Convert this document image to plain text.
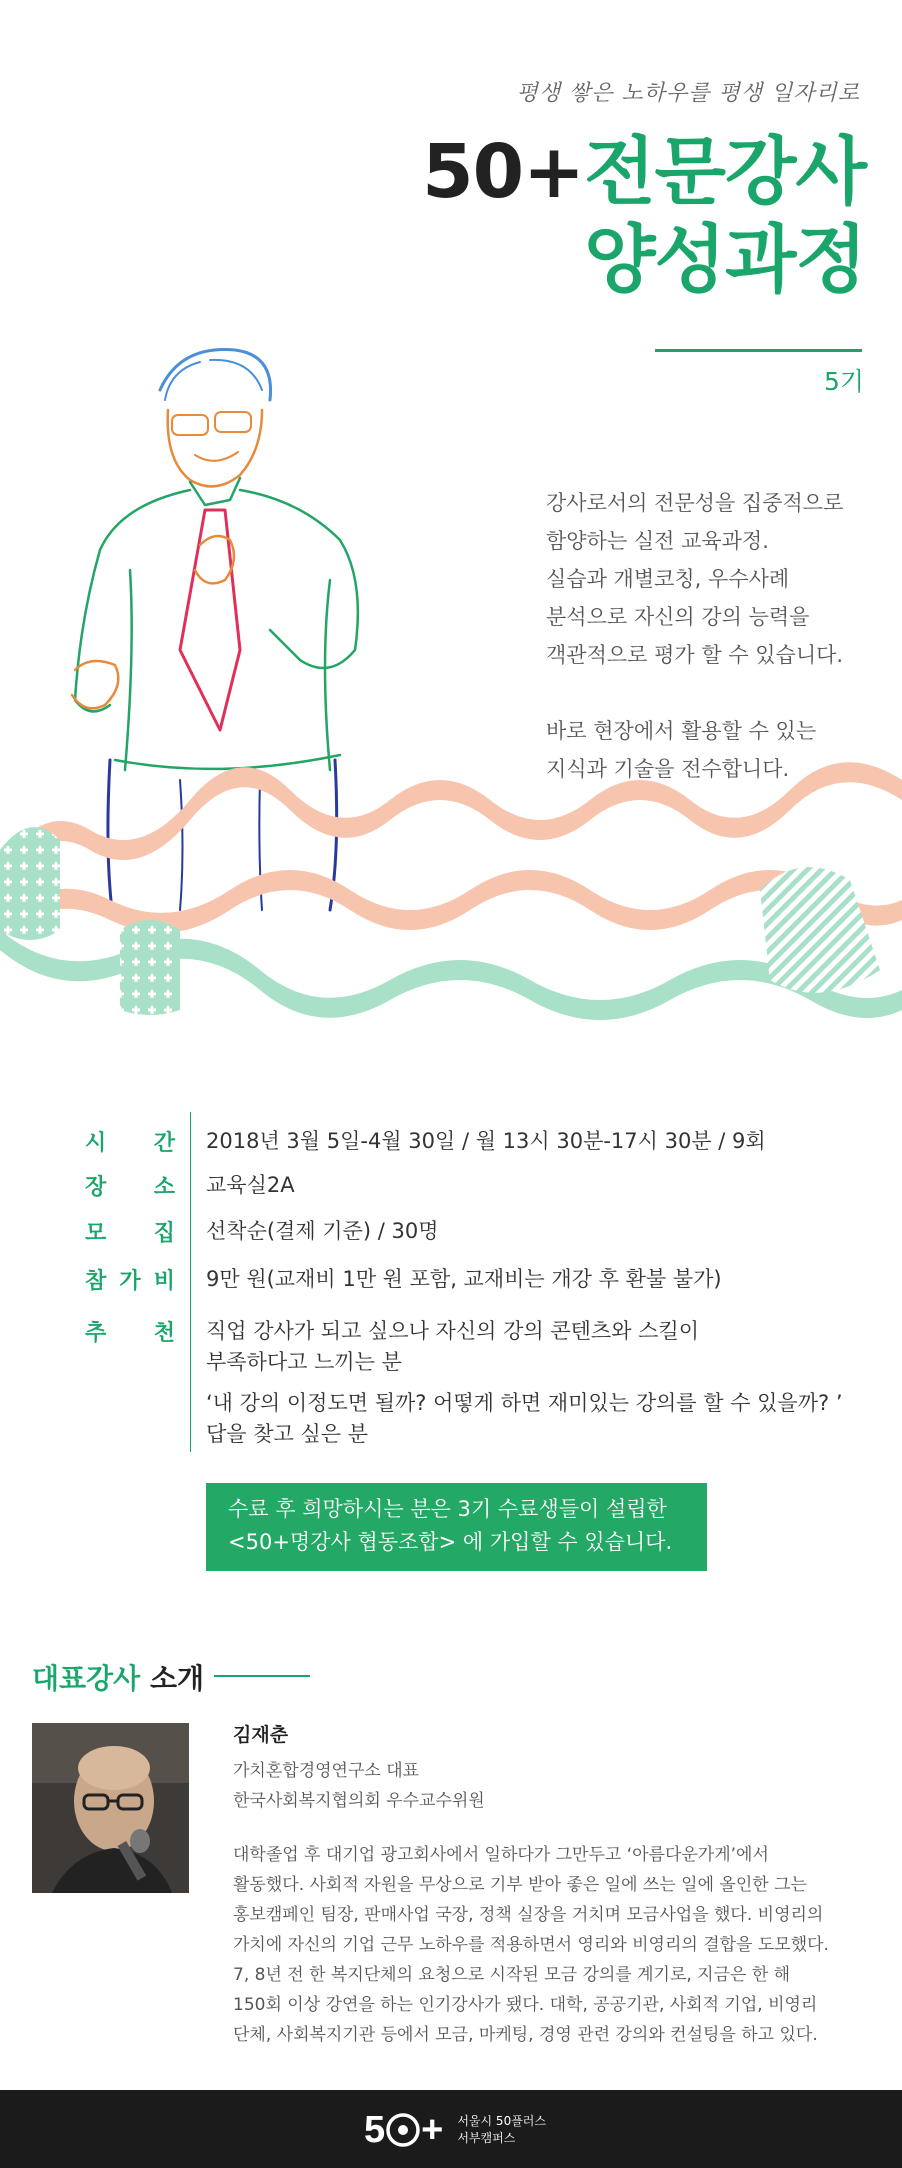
평생 쌓은 노하우를 평생 일자리로
50+전문강사
양성과정
5기

강사로서의 전문성을 집중적으로
함양하는 실전 교육과정.
실습과 개별코칭, 우수사례
분석으로 자신의 강의 능력을
객관적으로 평가 할 수 있습니다.

바로 현장에서 활용할 수 있는
지식과 기술을 전수합니다.

시 간 2018년 3월 5일-4월 30일 / 월 13시 30분-17시 30분 / 9회
장 소 교육실2A
모 집 선착순(결제 기준) / 30명
참 가 비 9만 원(교재비 1만 원 포함, 교재비는 개강 후 환불 불가)
추 천 직업 강사가 되고 싶으나 자신의 강의 콘텐츠와 스킬이
부족하다고 느끼는 분
‘내 강의 이정도면 될까? 어떻게 하면 재미있는 강의를 할 수 있을까? ’
답을 찾고 싶은 분
수료 후 희망하시는 분은 3기 수료생들이 설립한
<50+명강사 협동조합> 에 가입할 수 있습니다.
대표강사 소개
김재춘
가치혼합경영연구소 대표
한국사회복지협의회 우수교수위원
대학졸업 후 대기업 광고회사에서 일하다가 그만두고 ‘아름다운가게’에서
활동했다. 사회적 자원을 무상으로 기부 받아 좋은 일에 쓰는 일에 올인한 그는
홍보캠페인 팀장, 판매사업 국장, 정책 실장을 거치며 모금사업을 했다. 비영리의
가치에 자신의 기업 근무 노하우를 적용하면서 영리와 비영리의 결합을 도모했다.
7, 8년 전 한 복지단체의 요청으로 시작된 모금 강의를 계기로, 지금은 한 해
150회 이상 강연을 하는 인기강사가 됐다. 대학, 공공기관, 사회적 기업, 비영리
단체, 사회복지기관 등에서 모금, 마케팅, 경영 관련 강의와 컨설팅을 하고 있다.
5 + 서울시 50플러스
서부캠퍼스
